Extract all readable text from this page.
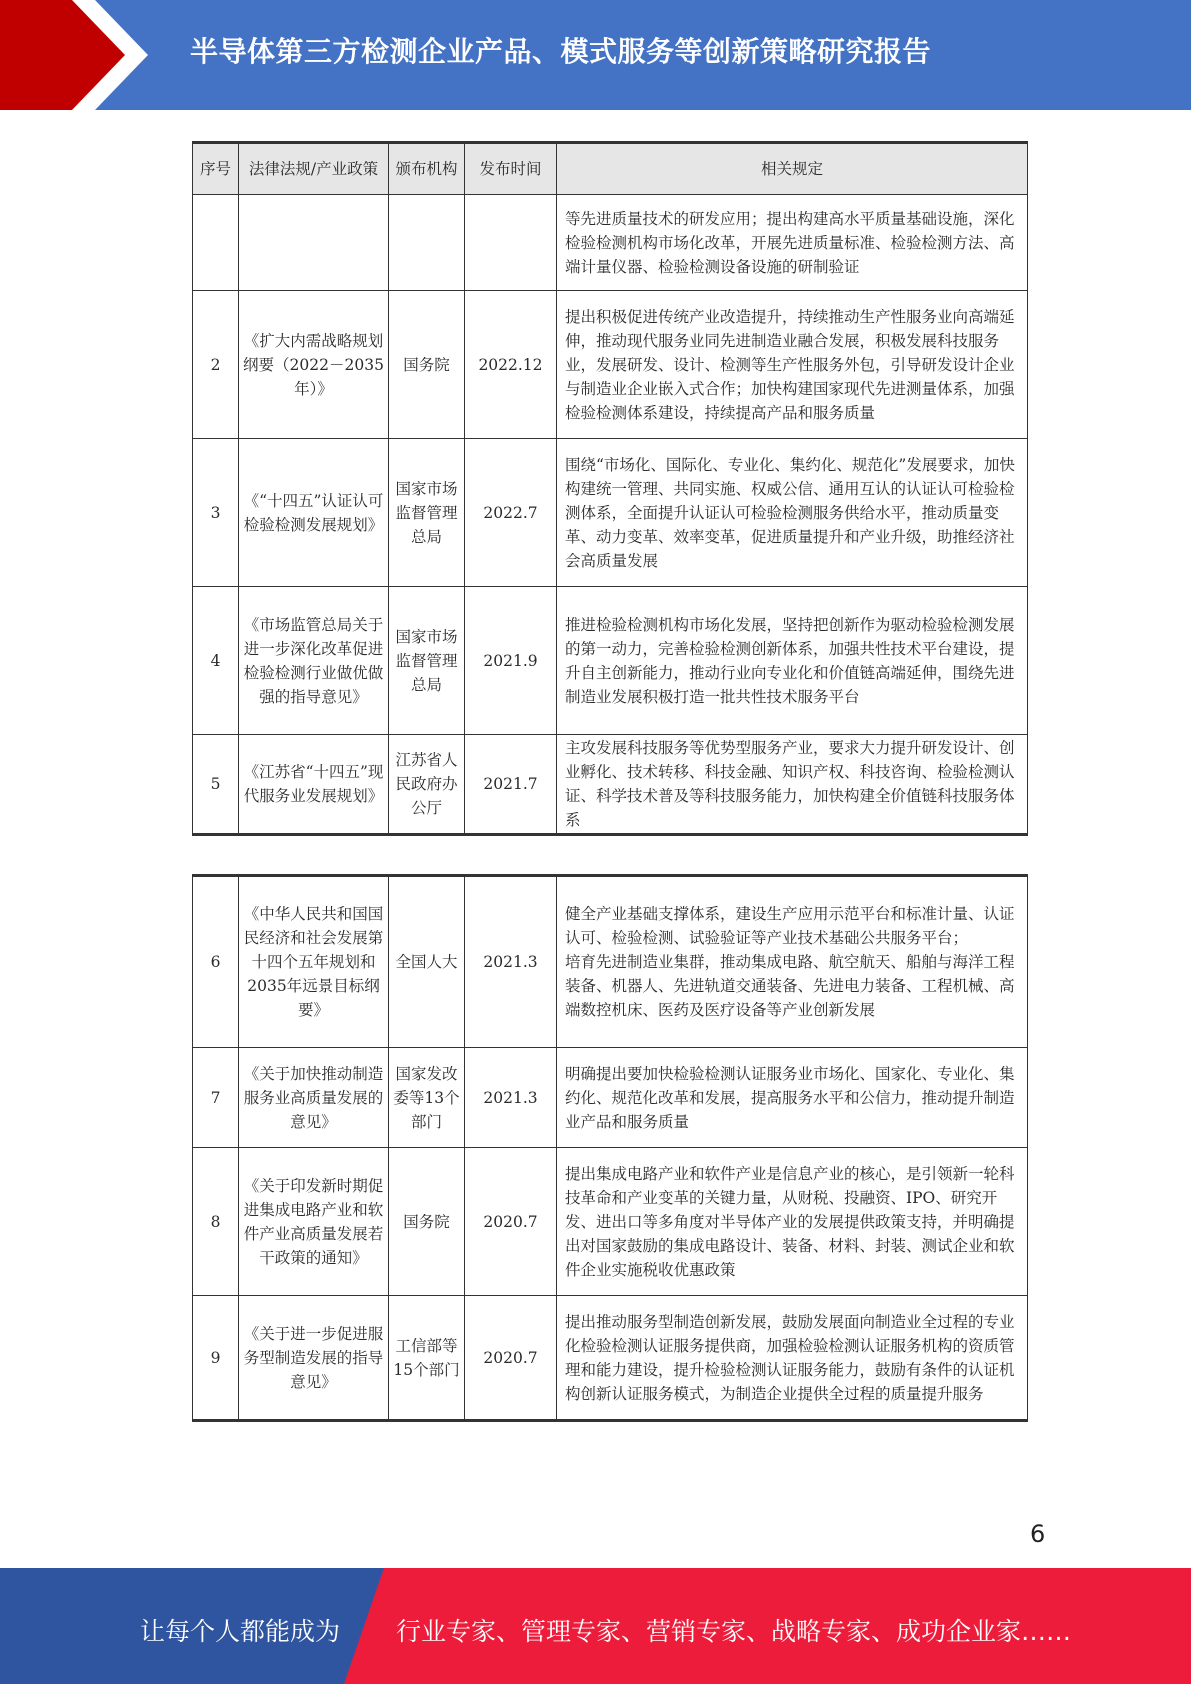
半导体第三方检测企业产品、模式服务等创新策略研究报告
序号	法律法规/产业政策	颁布机构	发布时间	相关规定
				等先进质量技术的研发应用；提出构建高水平质量基础设施，深化检验检测机构市场化改革，开展先进质量标准、检验检测方法、高端计量仪器、检验检测设备设施的研制验证
2	《扩大内需战略规划纲要（2022－2035年）》	国务院	2022.12	提出积极促进传统产业改造提升，持续推动生产性服务业向高端延伸，推动现代服务业同先进制造业融合发展，积极发展科技服务业，发展研发、设计、检测等生产性服务外包，引导研发设计企业与制造业企业嵌入式合作；加快构建国家现代先进测量体系，加强检验检测体系建设，持续提高产品和服务质量
3	《“十四五”认证认可检验检测发展规划》	国家市场监督管理总局	2022.7	围绕“市场化、国际化、专业化、集约化、规范化”发展要求，加快构建统一管理、共同实施、权威公信、通用互认的认证认可检验检测体系，全面提升认证认可检验检测服务供给水平，推动质量变革、动力变革、效率变革，促进质量提升和产业升级，助推经济社会高质量发展
4	《市场监管总局关于进一步深化改革促进检验检测行业做优做强的指导意见》	国家市场监督管理总局	2021.9	推进检验检测机构市场化发展，坚持把创新作为驱动检验检测发展的第一动力，完善检验检测创新体系，加强共性技术平台建设，提升自主创新能力，推动行业向专业化和价值链高端延伸，围绕先进制造业发展积极打造一批共性技术服务平台
5	《江苏省“十四五”现代服务业发展规划》	江苏省人民政府办公厅	2021.7	主攻发展科技服务等优势型服务产业，要求大力提升研发设计、创业孵化、技术转移、科技金融、知识产权、科技咨询、检验检测认证、科学技术普及等科技服务能力，加快构建全价值链科技服务体系
6	《中华人民共和国国民经济和社会发展第十四个五年规划和2035年远景目标纲要》	全国人大	2021.3	健全产业基础支撑体系，建设生产应用示范平台和标准计量、认证认可、检验检测、试验验证等产业技术基础公共服务平台；
培育先进制造业集群，推动集成电路、航空航天、船舶与海洋工程装备、机器人、先进轨道交通装备、先进电力装备、工程机械、高端数控机床、医药及医疗设备等产业创新发展
7	《关于加快推动制造服务业高质量发展的意见》	国家发改委等13个部门	2021.3	明确提出要加快检验检测认证服务业市场化、国家化、专业化、集约化、规范化改革和发展，提高服务水平和公信力，推动提升制造业产品和服务质量
8	《关于印发新时期促进集成电路产业和软件产业高质量发展若干政策的通知》	国务院	2020.7	提出集成电路产业和软件产业是信息产业的核心，是引领新一轮科技革命和产业变革的关键力量，从财税、投融资、IPO、研究开发、进出口等多角度对半导体产业的发展提供政策支持，并明确提出对国家鼓励的集成电路设计、装备、材料、封装、测试企业和软件企业实施税收优惠政策
9	《关于进一步促进服务型制造发展的指导意见》	工信部等15个部门	2020.7	提出推动服务型制造创新发展，鼓励发展面向制造业全过程的专业化检验检测认证服务提供商，加强检验检测认证服务机构的资质管理和能力建设，提升检验检测认证服务能力，鼓励有条件的认证机构创新认证服务模式，为制造企业提供全过程的质量提升服务
6
让每个人都能成为 行业专家、管理专家、营销专家、战略专家、成功企业家……
